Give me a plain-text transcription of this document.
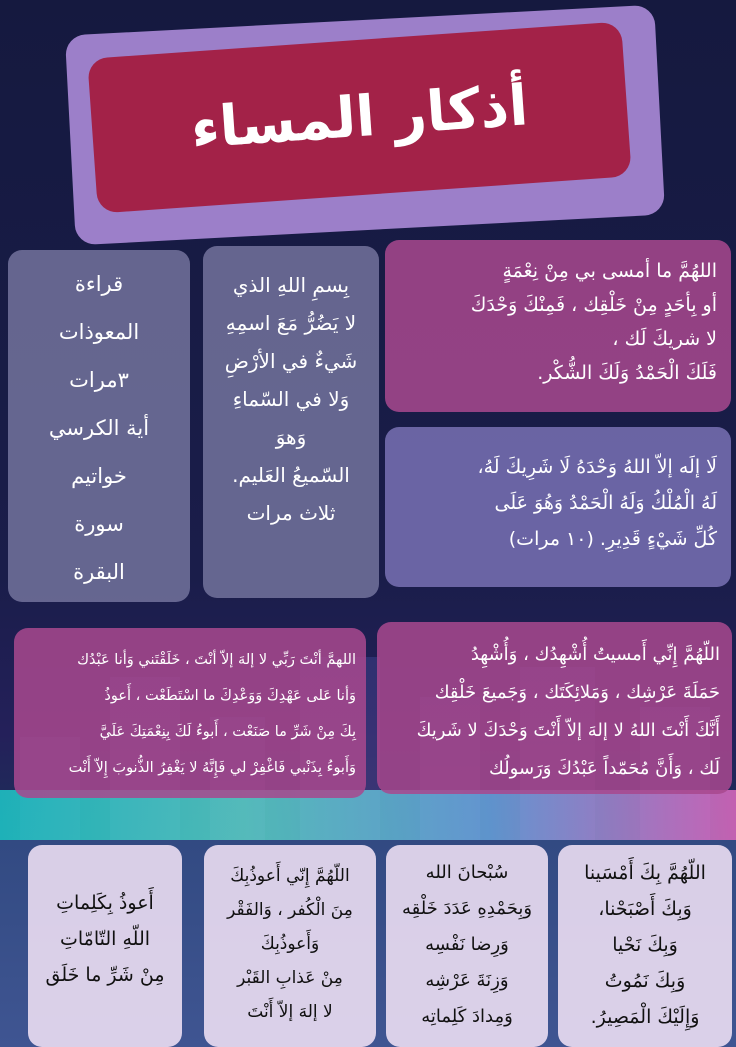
أذكار المساء

اللهُمَّ ما أمسى بي مِنْ نِعْمَةٍ

أو بِأحَدٍ مِنْ خَلْقِك ، فَمِنْكَ وَحْدَكَ

لا شريكَ لَك ،

فَلَكَ الْحَمْدُ وَلَكَ الشُّكْر.

لَا إلَه إلاّ اللهُ وَحْدَهُ لَا شَرِيكَ لَهُ،

لَهُ الْمُلْكُ وَلَهُ الْحَمْدُ وَهُوَ عَلَى

كُلِّ شَيْءٍ قَدِيرِ. (١٠ مرات)

بِسمِ اللهِ الذي

لا يَضُرُّ مَعَ اسمِهِ

شَيءٌ في الأرْضِ

وَلا في السّماءِ

وَهوَ

السّميعُ العَليم.

ثلاث مرات

قراءة

المعوذات

٣مرات

أية الكرسي

خواتيم

سورة

البقرة

اللّهُمَّ إِنِّي أَمسيتُ أُشْهِدُك ، وَأُشْهِدُ

حَمَلَةَ عَرْشِك ، وَمَلائِكَتَك ، وَجَميعَ خَلْقِك

أَنَّكَ أَنْتَ اللهُ لا إلهَ إلاّ أَنْتَ وَحْدَكَ لا شَريكَ

لَك ، وَأَنَّ مُحَمّداً عَبْدُكَ وَرَسولُك

اللهمَّ أنْتَ رَبِّي لا إلهَ إلاّ أنْتَ ، خَلَقْتَني وَأنا عَبْدُك

وَأنا عَلى عَهْدِكَ وَوَعْدِكَ ما اسْتَطَعْت ، أَعوذُ

بِكَ مِنْ شَرِّ ما صَنَعْت ، أَبوءُ لَكَ بِنِعْمَتِكَ عَلَيَّ

وَأَبوءُ بِذَنْبي فَاغْفِرْ لي فَإِنَّهُ لا يَغْفِرُ الذُّنوبَ إِلاّ أَنْت

اللّهُمَّ بِكَ أَمْسَينا

وَبِكَ أَصْبَحْنا،

وَبِكَ نَحْيا

وَبِكَ نَمُوتُ

وَإِلَيْكَ الْمَصِيرُ.

سُبْحانَ الله

وَبِحَمْدِهِ عَدَدَ خَلْقِه

وَرِضا نَفْسِه

وَزِنَةَ عَرْشِه

وَمِدادَ كَلِماتِه

اللّهُمَّ إِنّي أَعوذُبِكَ

مِنَ الْكُفر ، وَالفَقْر

وَأَعوذُبِكَ

مِنْ عَذابِ القَبْر

لا إلهَ إلاّ أَنْتَ

أَعوذُ بِكَلِماتِ

اللّهِ التّامّاتِ

مِنْ شَرِّ ما خَلَق
